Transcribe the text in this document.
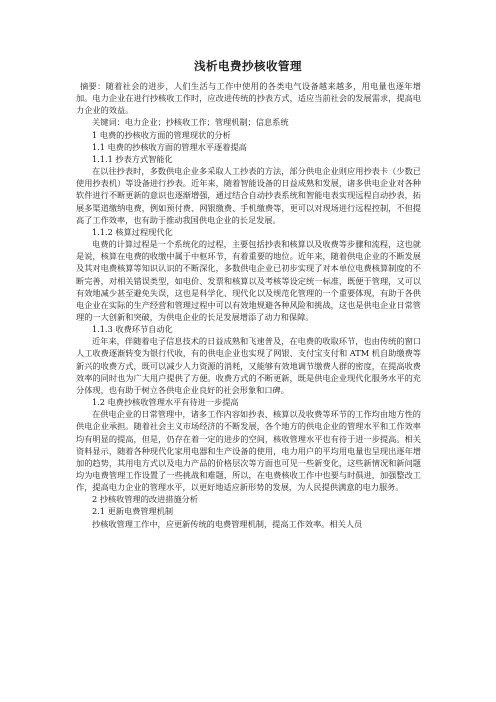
浅析电费抄核收管理

摘要：随着社会的进步，人们生活与工作中使用的各类电气设备越来越多，用电量也逐年增加。电力企业在进行抄核收工作时，应改进传统的抄表方式，适应当前社会的发展需求，提高电力企业的效益。

关键词：电力企业；抄核收工作；管理机制；信息系统

1 电费的抄核收方面的管理现状的分析

1.1 电费的抄核收方面的管理水平逐着提高

1.1.1 抄表方式智能化

在以往抄表时，多数供电企业多采取人工抄表的方法，部分供电企业则应用抄表卡（少数已使用抄表机）等设备进行抄表。近年来，随着智能设备的日益成熟和发展，诸多供电企业对各种软件进行不断更新的意识也逐渐增强，通过结合自动抄表系统和智能电表实现远程自动抄表，拓展多渠道缴纳电费，例如预付费、网银缴费、手机缴费等，更可以对现场进行远程控制，不但提高了工作效率，也有助于推动我国供电企业的长足发展。

1.1.2 核算过程现代化

电费的计算过程是一个系统化的过程，主要包括抄表和核算以及收费等步骤和流程，这也就是说，核算在电费的收缴中属于中枢环节，有着重要的地位。近年来，随着供电企业的不断发展及其对电费核算等知识认识的不断深化，多数供电企业已初步实现了对本单位电费核算制度的不断完善，对相关错误类型，如电价、发票和核算以及考核等设定统一标准，既便于管理，又可以有效地减少甚至避免失误，这也是科学化、现代化以及规范化管理的一个重要体现，有助于各供电企业在实际的生产经营和管理过程中可以有效地规避各种风险和挑战，这也是供电企业日常管理的一大创新和突破，为供电企业的长足发展增添了动力和保障。

1.1.3 收费环节自动化

近年来，伴随着电子信息技术的日益成熟和飞速普及，在电费的收取环节，也由传统的窗口人工收费逐渐转变为银行代收，有的供电企业也实现了网银、支付宝支付和 ATM 机自助缴费等新兴的收费方式，既可以减少人力资源的消耗，又能够有效地调节缴费人群的密度，在提高收费效率的同时也为广大用户提供了方便。收费方式的不断更新，既是供电企业现代化服务水平的充分体现，也有助于树立各供电企业良好的社会形象和口碑。

1.2 电费抄核收管理水平有待进一步提高

在供电企业的日常管理中，诸多工作内容如抄表、核算以及收费等环节的工作均由地方性的供电企业承担。随着社会主义市场经济的不断发展，各个地方的供电企业的管理水平和工作效率均有明显的提高，但是，仍存在着一定的进步的空间，核收管理水平也有待于进一步提高。相关资料显示，随着各种现代化家用电器和生产设备的使用，电力用户的平均用电量也呈现出逐年增加的趋势，其用电方式以及电力产品的价格层次等方面也可见一些新变化，这些新情况和新问题均为电费管理工作设置了一些挑战和难题，所以，在电费核收工作中也要与时俱进，加强整改工作，提高电力企业的管理水平，以更好地适应新形势的发展，为人民提供满意的电力服务。

2 抄核收管理的改进措施分析

2.1 更新电费管理机制

抄核收管理工作中，应更新传统的电费管理机制，提高工作效率。相关人员
